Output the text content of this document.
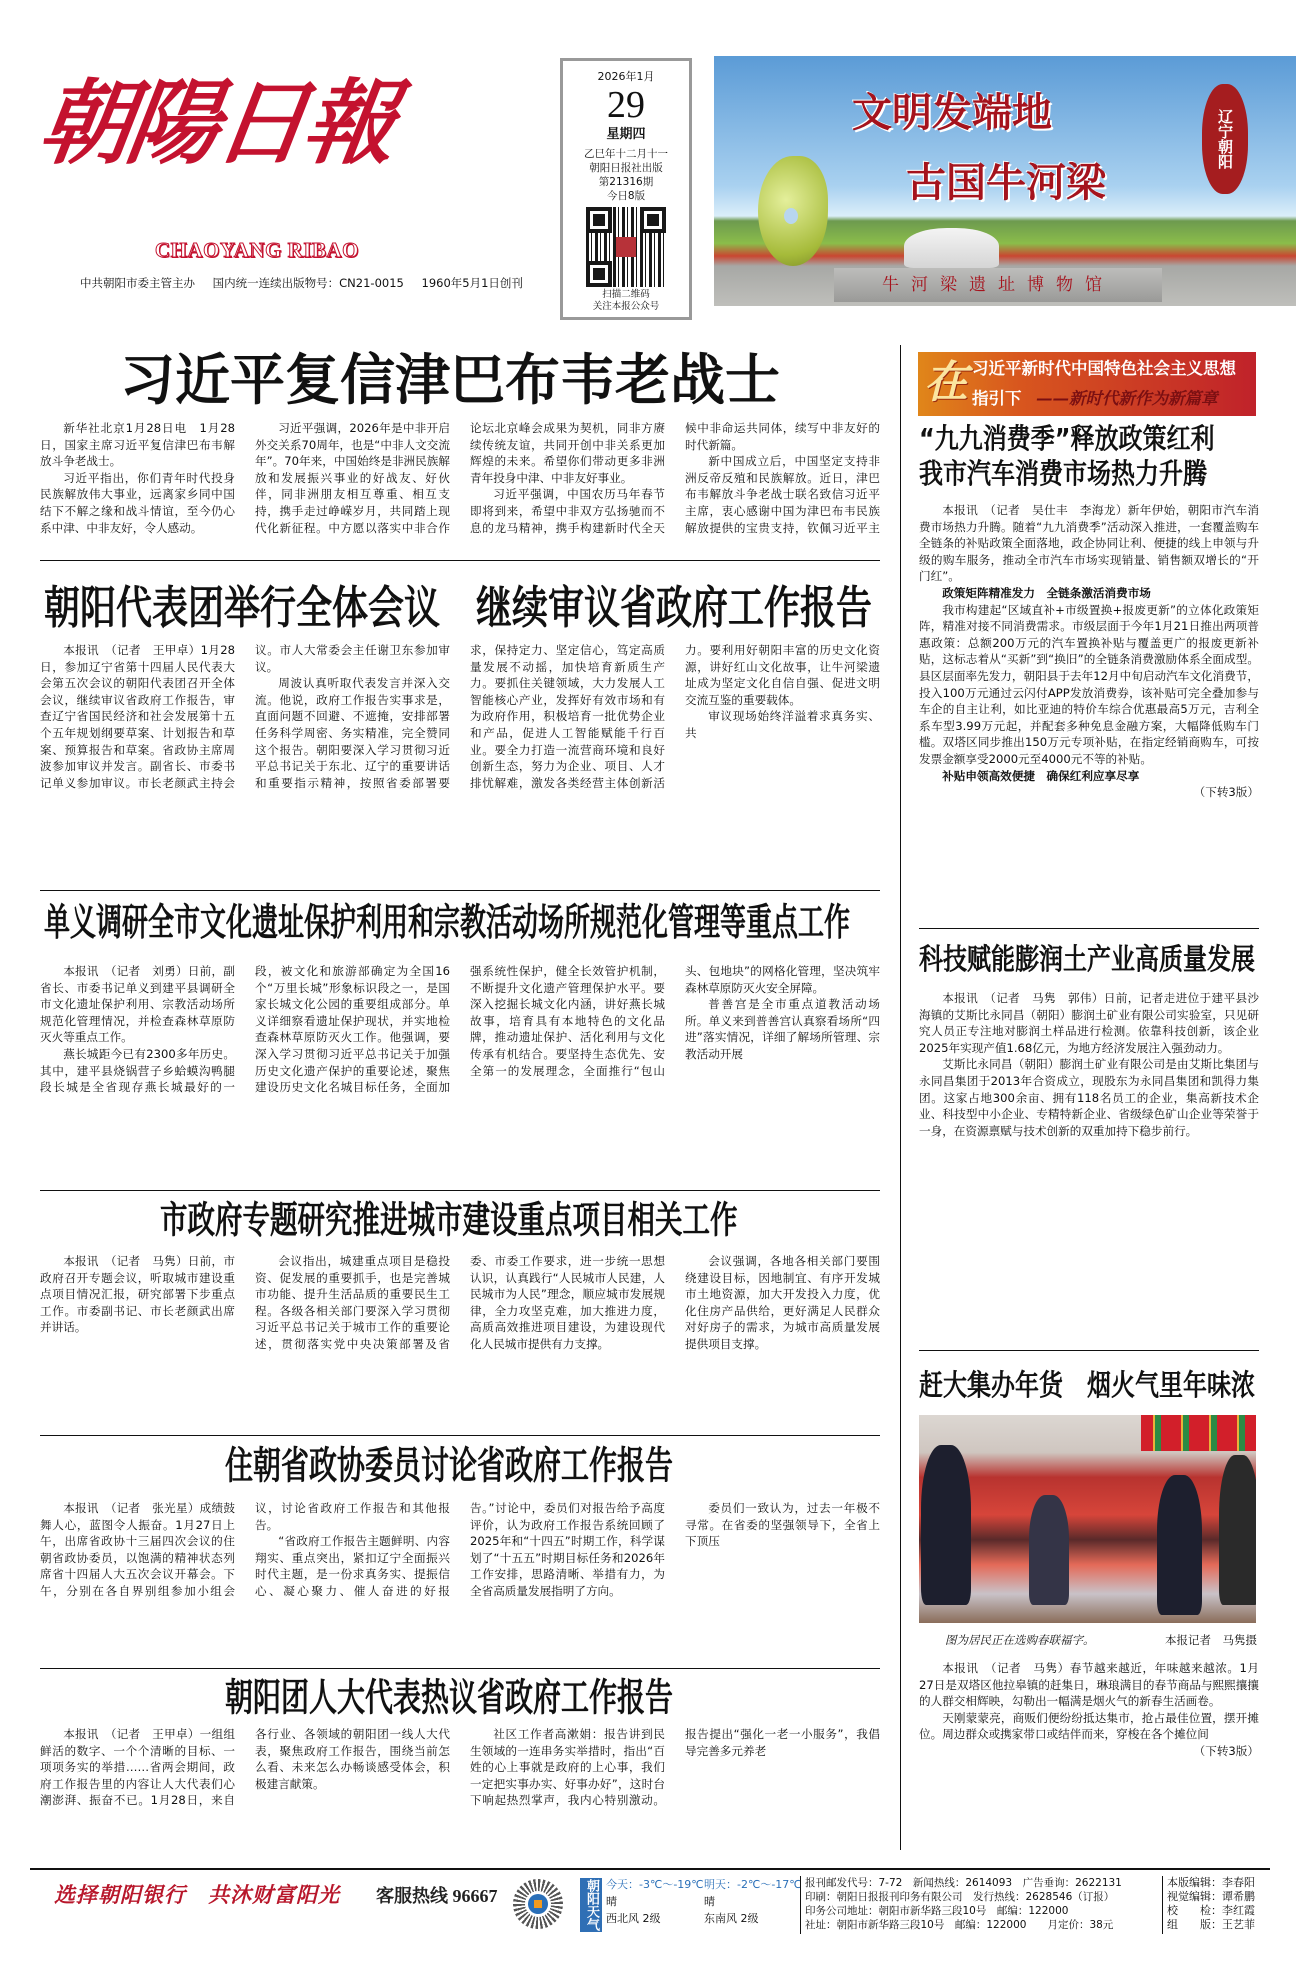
朝陽日報
CHAOYANG RIBAO
中共朝阳市委主管主办 国内统一连续出版物号：CN21-0015 1960年5月1日创刊
2026年1月
29
星期四
乙巳年十二月十一
朝阳日报社出版
第21316期
今日8版
扫描二维码
关注本报公众号
文明发端地
古国牛河梁
辽宁朝阳
牛河梁遗址博物馆
习近平复信津巴布韦老战士

新华社北京1月28日电　1月28日，国家主席习近平复信津巴布韦解放斗争老战士。

习近平指出，你们青年时代投身民族解放伟大事业，远离家乡同中国结下不解之缘和战斗情谊，至今仍心系中津、中非友好，令人感动。

习近平强调，2026年是中非开启外交关系70周年，也是“中非人文交流年”。70年来，中国始终是非洲民族解放和发展振兴事业的好战友、好伙伴，同非洲朋友相互尊重、相互支持，携手走过峥嵘岁月，共同踏上现代化新征程。中方愿以落实中非合作论坛北京峰会成果为契机，同非方赓续传统友谊，共同开创中非关系更加辉煌的未来。希望你们带动更多非洲青年投身中津、中非友好事业。

习近平强调，中国农历马年春节即将到来，希望中非双方弘扬驰而不息的龙马精神，携手构建新时代全天候中非命运共同体，续写中非友好的时代新篇。

新中国成立后，中国坚定支持非洲反帝反殖和民族解放。近日，津巴布韦解放斗争老战士联名致信习近平主席，衷心感谢中国为津巴布韦民族解放提供的宝贵支持，钦佩习近平主

朝阳代表团举行全体会议　继续审议省政府工作报告

本报讯　（记者　王甲卓）1月28日，参加辽宁省第十四届人民代表大会第五次会议的朝阳代表团召开全体会议，继续审议省政府工作报告，审查辽宁省国民经济和社会发展第十五个五年规划纲要草案、计划报告和草案、预算报告和草案。省政协主席周波参加审议并发言。副省长、市委书记单义参加审议。市长老颜武主持会议。市人大常委会主任谢卫东参加审议。

周波认真听取代表发言并深入交流。他说，政府工作报告实事求是，直面问题不回避、不遮掩，安排部署任务科学周密、务实精准，完全赞同这个报告。朝阳要深入学习贯彻习近平总书记关于东北、辽宁的重要讲话和重要指示精神，按照省委部署要求，保持定力、坚定信心，笃定高质量发展不动摇，加快培育新质生产力。要抓住关键领域，大力发展人工智能核心产业，发挥好有效市场和有为政府作用，积极培育一批优势企业和产品，促进人工智能赋能千行百业。要全力打造一流营商环境和良好创新生态，努力为企业、项目、人才排忧解难，激发各类经营主体创新活力。要利用好朝阳丰富的历史文化资源，讲好红山文化故事，让牛河梁遗址成为坚定文化自信自强、促进文明交流互鉴的重要载体。

审议现场始终洋溢着求真务实、共

单义调研全市文化遗址保护利用和宗教活动场所规范化管理等重点工作

本报讯　（记者　刘勇）日前，副省长、市委书记单义到建平县调研全市文化遗址保护利用、宗教活动场所规范化管理情况，并检查森林草原防灭火等重点工作。

燕长城距今已有2300多年历史。其中，建平县烧锅营子乡蛤蟆沟鸭腿段长城是全省现存燕长城最好的一段，被文化和旅游部确定为全国16个“万里长城”形象标识段之一，是国家长城文化公园的重要组成部分。单义详细察看遗址保护现状，并实地检查森林草原防灭火工作。他强调，要深入学习贯彻习近平总书记关于加强历史文化遗产保护的重要论述，聚焦建设历史文化名城目标任务，全面加强系统性保护，健全长效管护机制，不断提升文化遗产管理保护水平。要深入挖掘长城文化内涵，讲好燕长城故事，培育具有本地特色的文化品牌，推动遗址保护、活化利用与文化传承有机结合。要坚持生态优先、安全第一的发展理念，全面推行“包山头、包地块”的网格化管理，坚决筑牢森林草原防灭火安全屏障。

普善宫是全市重点道教活动场所。单义来到普善宫认真察看场所“四进”落实情况，详细了解场所管理、宗教活动开展

市政府专题研究推进城市建设重点项目相关工作

本报讯　（记者　马隽）日前，市政府召开专题会议，听取城市建设重点项目情况汇报，研究部署下步重点工作。市委副书记、市长老颜武出席并讲话。

会议指出，城建重点项目是稳投资、促发展的重要抓手，也是完善城市功能、提升生活品质的重要民生工程。各级各相关部门要深入学习贯彻习近平总书记关于城市工作的重要论述，贯彻落实党中央决策部署及省委、市委工作要求，进一步统一思想认识，认真践行“人民城市人民建，人民城市为人民”理念，顺应城市发展规律，全力攻坚克难，加大推进力度，高质高效推进项目建设，为建设现代化人民城市提供有力支撑。

会议强调，各地各相关部门要围绕建设目标，因地制宜、有序开发城市土地资源，加大开发投入力度，优化住房产品供给，更好满足人民群众对好房子的需求，为城市高质量发展提供项目支撑。

住朝省政协委员讨论省政府工作报告

本报讯　（记者　张光星）成绩鼓舞人心，蓝图令人振奋。1月27日上午，出席省政协十三届四次会议的住朝省政协委员，以饱满的精神状态列席省十四届人大五次会议开幕会。下午，分别在各自界别组参加小组会议，讨论省政府工作报告和其他报告。

“省政府工作报告主题鲜明、内容翔实、重点突出，紧扣辽宁全面振兴时代主题，是一份求真务实、提振信心、凝心聚力、催人奋进的好报告。”讨论中，委员们对报告给予高度评价，认为政府工作报告系统回顾了2025年和“十四五”时期工作，科学谋划了“十五五”时期目标任务和2026年工作安排，思路清晰、举措有力，为全省高质量发展指明了方向。

委员们一致认为，过去一年极不寻常。在省委的坚强领导下，全省上下顶压

朝阳团人大代表热议省政府工作报告

本报讯　（记者　王甲卓）一组组鲜活的数字、一个个清晰的目标、一项项务实的举措……省两会期间，政府工作报告里的内容让人大代表们心潮澎湃、振奋不已。1月28日，来自各行业、各领域的朝阳团一线人大代表，聚焦政府工作报告，围绕当前怎么看、未来怎么办畅谈感受体会，积极建言献策。

社区工作者高漱娟：报告讲到民生领域的一连串务实举措时，指出“百姓的心上事就是政府的上心事，我们一定把实事办实、好事办好”，这时台下响起热烈掌声，我内心特别激动。报告提出“强化一老一小服务”，我倡导完善多元养老

在 习近平新时代中国特色社会主义思想
指引下 ——新时代新作为新篇章
“九九消费季”释放政策红利
我市汽车消费市场热力升腾

本报讯　（记者　吴仕丰　李海龙）新年伊始，朝阳市汽车消费市场热力升腾。随着“九九消费季”活动深入推进，一套覆盖购车全链条的补贴政策全面落地，政企协同让利、便捷的线上申领与升级的购车服务，推动全市汽车市场实现销量、销售额双增长的“开门红”。

政策矩阵精准发力　全链条激活消费市场

我市构建起“区域直补+市级置换+报废更新”的立体化政策矩阵，精准对接不同消费需求。市级层面于今年1月21日推出两项普惠政策：总额200万元的汽车置换补贴与覆盖更广的报废更新补贴，这标志着从“买新”到“换旧”的全链条消费激励体系全面成型。县区层面率先发力，朝阳县于去年12月中旬启动汽车文化消费节，投入100万元通过云闪付APP发放消费券，该补贴可完全叠加参与车企的自主让利，如比亚迪的特价车综合优惠最高5万元，吉利全系车型3.99万元起，并配套多种免息金融方案，大幅降低购车门槛。双塔区同步推出150万元专项补贴，在指定经销商购车，可按发票金额享受2000元至4000元不等的补贴。

补贴申领高效便捷　确保红利应享尽享

（下转3版）

科技赋能膨润土产业高质量发展

本报讯　（记者　马隽　郭伟）日前，记者走进位于建平县沙海镇的艾斯比永同昌（朝阳）膨润土矿业有限公司实验室，只见研究人员正专注地对膨润土样品进行检测。依靠科技创新，该企业2025年实现产值1.68亿元，为地方经济发展注入强劲动力。

艾斯比永同昌（朝阳）膨润土矿业有限公司是由艾斯比集团与永同昌集团于2013年合资成立，现股东为永同昌集团和凯得力集团。这家占地300余亩、拥有118名员工的企业，集高新技术企业、科技型中小企业、专精特新企业、省级绿色矿山企业等荣誉于一身，在资源禀赋与技术创新的双重加持下稳步前行。

赶大集办年货　烟火气里年味浓
图为居民正在选购春联福字。	本报记者　马隽摄

本报讯　（记者　马隽）春节越来越近，年味越来越浓。1月27日是双塔区他拉皋镇的赶集日，琳琅满目的春节商品与熙熙攘攘的人群交相辉映，勾勒出一幅满是烟火气的新春生活画卷。

天刚蒙蒙亮，商贩们便纷纷抵达集市，抢占最佳位置，摆开摊位。周边群众或携家带口或结伴而来，穿梭在各个摊位间

（下转3版）

选择朝阳银行　共沐财富阳光 客服热线 96667	朝阳天气 今天：-3℃～-19℃
晴
西北风 2级
明天：-2℃～-17℃
晴
东南风 2级
报刊邮发代号：7-72　新闻热线：2614093　广告垂询：2622131
印刷：朝阳日报报刊印务有限公司　发行热线：2628546（订报）
印务公司地址：朝阳市新华路三段10号　邮编：122000
社址：朝阳市新华路三段10号　邮编：122000　　月定价：38元
本版编辑：李春阳
视觉编辑：谭希鹏
校　　检：李红霞
组　　版：王艺菲
